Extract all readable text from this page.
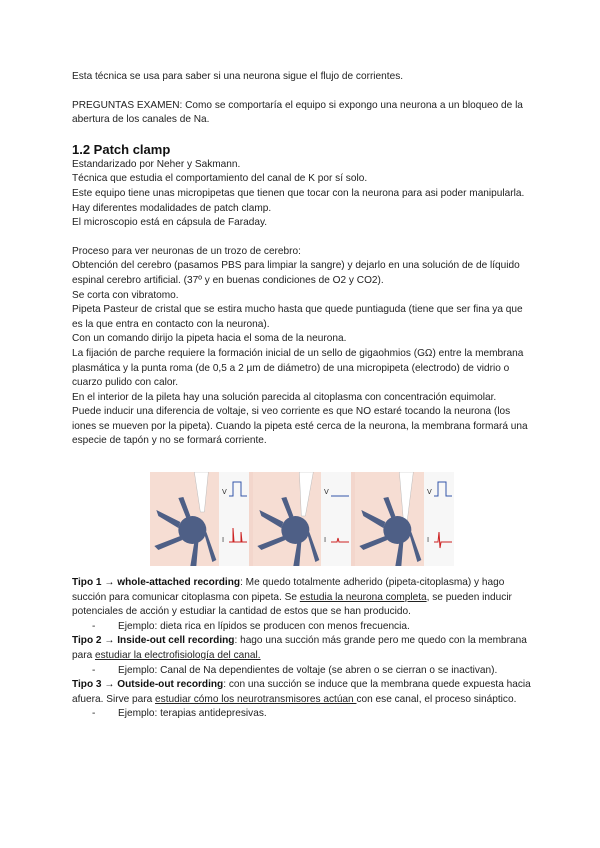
Esta técnica se usa para saber si una neurona sigue el flujo de corrientes.

PREGUNTAS EXAMEN: Como se comportaría el equipo si expongo una neurona a un bloqueo de la abertura de los canales de Na.

1.2 Patch clamp

Estandarizado por Neher y Sakmann.

Técnica que estudia el comportamiento del canal de K por sí solo.

Este equipo tiene unas micropipetas que tienen que tocar con la neurona para asi poder manipularla. Hay diferentes modalidades de patch clamp.

El microscopio está en cápsula de Faraday.

Proceso para ver neuronas de un trozo de cerebro:

Obtención del cerebro (pasamos PBS para limpiar la sangre) y dejarlo en una solución de de líquido espinal cerebro artificial. (37º y en buenas condiciones de O2 y CO2).

Se corta con vibratomo.

Pipeta Pasteur de cristal que se estira mucho hasta que quede puntiaguda (tiene que ser fina ya que es la que entra en contacto con la neurona).

Con un comando dirijo la pipeta hacia el soma de la neurona.

La fijación de parche requiere la formación inicial de un sello de gigaohmios (GΩ) entre la membrana plasmática y la punta roma (de 0,5 a 2 µm de diámetro) de una micropipeta (electrodo) de vidrio o cuarzo pulido con calor.

En el interior de la pileta hay una solución parecida al citoplasma con concentración equimolar.

Puede inducir una diferencia de voltaje, si veo corriente es que NO estaré tocando la neurona (los iones se mueven por la pipeta). Cuando la pipeta esté cerca de la neurona, la membrana formará una especie de tapón y no se formará corriente.

V
I
V
I
V
I

Tipo 1 → whole-attached recording: Me quedo totalmente adherido (pipeta-citoplasma) y hago succión para comunicar citoplasma con pipeta. Se estudia la neurona completa, se pueden inducir potenciales de acción y estudiar la cantidad de estos que se han producido.

- Ejemplo: dieta rica en lípidos se producen con menos frecuencia.

Tipo 2 → Inside-out cell recording: hago una succión más grande pero me quedo con la membrana para estudiar la electrofisiología del canal.

- Ejemplo: Canal de Na dependientes de voltaje (se abren o se cierran o se inactivan).

Tipo 3 → Outside-out recording: con una succión se induce que la membrana quede expuesta hacia afuera. Sirve para estudiar cómo los neurotransmisores actúan con ese canal, el proceso sináptico.

- Ejemplo: terapias antidepresivas.
